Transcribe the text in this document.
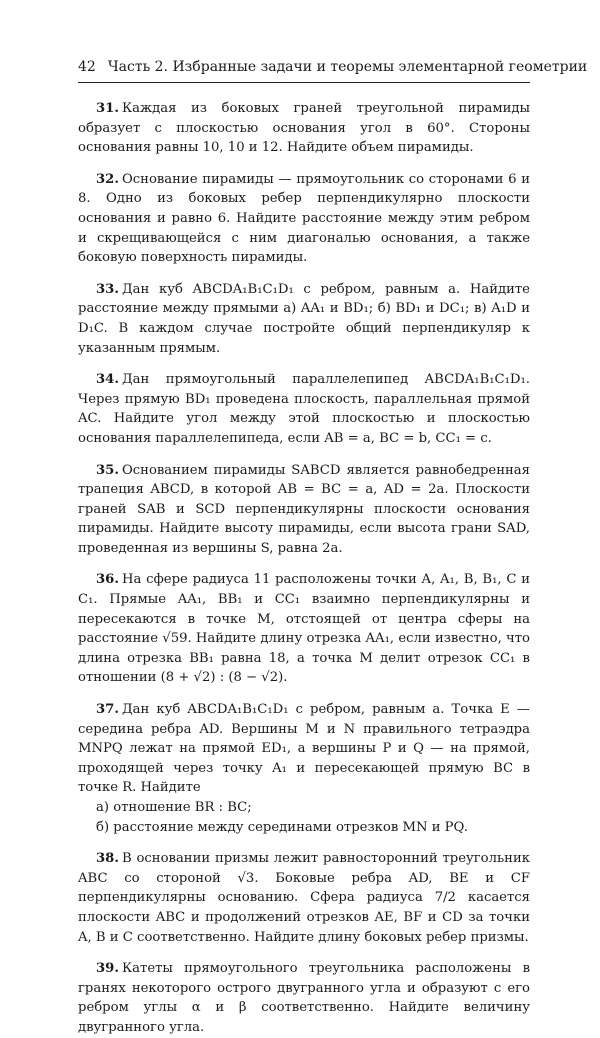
42 Часть 2. Избранные задачи и теоремы элементарной геометрии

31. Каждая из боковых граней треугольной пирамиды образует с плоскостью основания угол в 60°. Стороны основания равны 10, 10 и 12. Найдите объем пирамиды.

32. Основание пирамиды — прямоугольник со сторонами 6 и 8. Одно из боковых ребер перпендикулярно плоскости основания и равно 6. Найдите расстояние между этим ребром и скрещивающейся с ним диагональю основания, а также боковую поверхность пирамиды.

33. Дан куб ABCDA₁B₁C₁D₁ с ребром, равным a. Найдите расстояние между прямыми а) AA₁ и BD₁; б) BD₁ и DC₁; в) A₁D и D₁C. В каждом случае постройте общий перпендикуляр к указанным прямым.

34. Дан прямоугольный параллелепипед ABCDA₁B₁C₁D₁. Через прямую BD₁ проведена плоскость, параллельная прямой AC. Найдите угол между этой плоскостью и плоскостью основания параллелепипеда, если AB = a, BC = b, CC₁ = c.

35. Основанием пирамиды SABCD является равнобедренная трапеция ABCD, в которой AB = BC = a, AD = 2a. Плоскости граней SAB и SCD перпендикулярны плоскости основания пирамиды. Найдите высоту пирамиды, если высота грани SAD, проведенная из вершины S, равна 2a.

36. На сфере радиуса 11 расположены точки A, A₁, B, B₁, C и C₁. Прямые AA₁, BB₁ и CC₁ взаимно перпендикулярны и пересекаются в точке M, отстоящей от центра сферы на расстояние √59. Найдите длину отрезка AA₁, если известно, что длина отрезка BB₁ равна 18, а точка M делит отрезок CC₁ в отношении (8 + √2) : (8 − √2).

37. Дан куб ABCDA₁B₁C₁D₁ с ребром, равным a. Точка E — середина ребра AD. Вершины M и N правильного тетраэдра MNPQ лежат на прямой ED₁, а вершины P и Q — на прямой, проходящей через точку A₁ и пересекающей прямую BC в точке R. Найдите
а) отношение BR : BC;
б) расстояние между серединами отрезков MN и PQ.

38. В основании призмы лежит равносторонний треугольник ABC со стороной √3. Боковые ребра AD, BE и CF перпендикулярны основанию. Сфера радиуса 7/2 касается плоскости ABC и продолжений отрезков AE, BF и CD за точки A, B и C соответственно. Найдите длину боковых ребер призмы.

39. Катеты прямоугольного треугольника расположены в гранях некоторого острого двугранного угла и образуют с его ребром углы α и β соответственно. Найдите величину двугранного угла.
